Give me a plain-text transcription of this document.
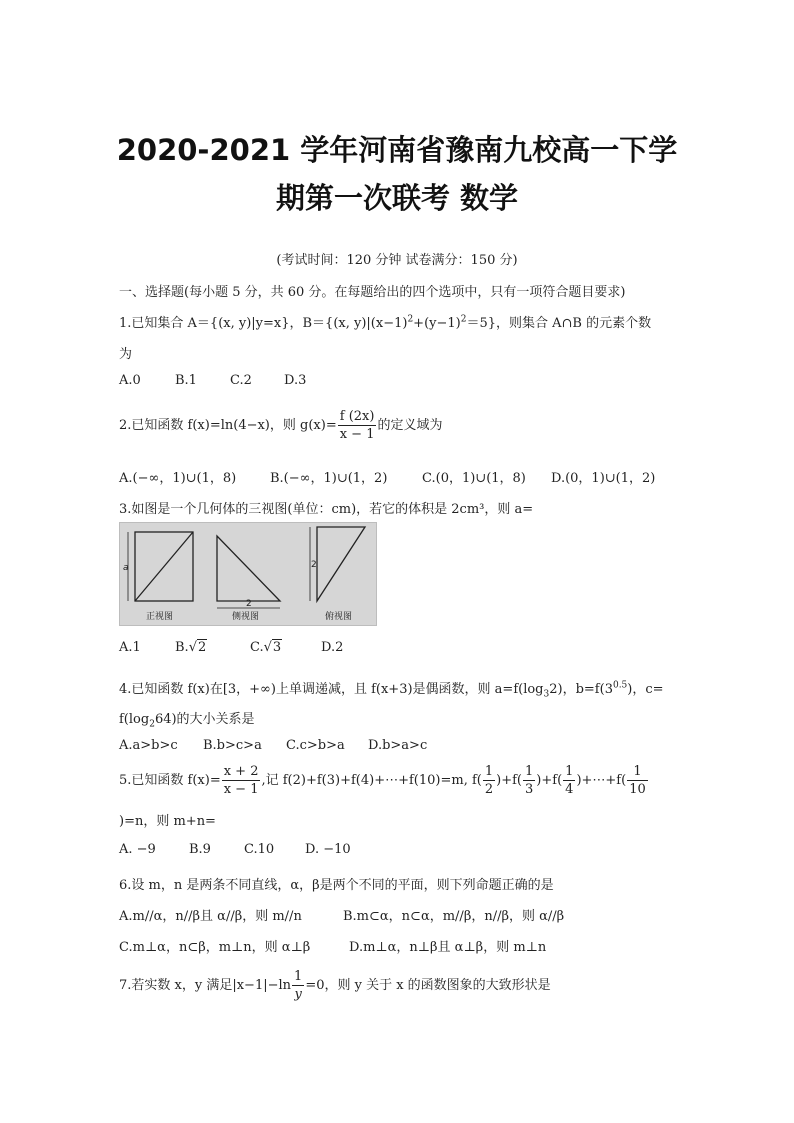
2020-2021 学年河南省豫南九校高一下学
期第一次联考 数学
(考试时间：120 分钟 试卷满分：150 分)
一、选择题(每小题 5 分，共 60 分。在每题给出的四个选项中，只有一项符合题目要求)
1.已知集合 A＝{(x, y)|y=x}，B＝{(x, $y)|(x-1)^2+(y-1)^2=5$}，则集合 A∩B 的元素个数
为
A.0	B.1	C.2 D.3
2.已知函数 f(x)=ln(4−x)，则 $g(x)= \frac{f (2x)}{x - 1}$ 的定义域为
A.(−∞，1)∪(1，8)	B.(−∞，1)∪(1，2)	C.(0，1)∪(1，8) D.(0，1)∪(1，2)
3.如图是一个几何体的三视图(单位：cm)，若它的体积是 2cm³，则 a=
a
正视图
2
侧视图
2
俯视图
A.1	B.√2	C.√3	D.2
4.已知函数 f(x)在[3，+∞)上单调递减，且 f(x+3)是偶函数，则 $a=f(\log_32)$，$b=f(3^{0.5})$，c=
$f(\log_264)$的大小关系是
A.a>b>c B.b>c>a C.c>b>a D.b>a>c
5.已知函数 $f(x)= \frac{x + 2}{x - 1}$ ,记 f(2)+f(3)+f(4)+⋯+f(10)=m, $f( \frac{1}{2} )+f( \frac{1}{3} )+f( \frac{1}{4}$ )+⋯+f( $\frac{1}{10}$
)=n，则 m+n=
A. −9	B.9	C.10 D. −10
6.设 m，n 是两条不同直线，α，β是两个不同的平面，则下列命题正确的是
A.m//α，n//β且 α//β，则 m//n	B.m⊂α，n⊂α，m//β，n//β，则 α//β
C.m⊥α，n⊂β，m⊥n，则 α⊥β	D.m⊥α，n⊥β且 α⊥β，则 m⊥n
7.若实数 x，y 满足$|x-1|-\ln \frac{1}{y} =0$，则 y 关于 x 的函数图象的大致形状是
